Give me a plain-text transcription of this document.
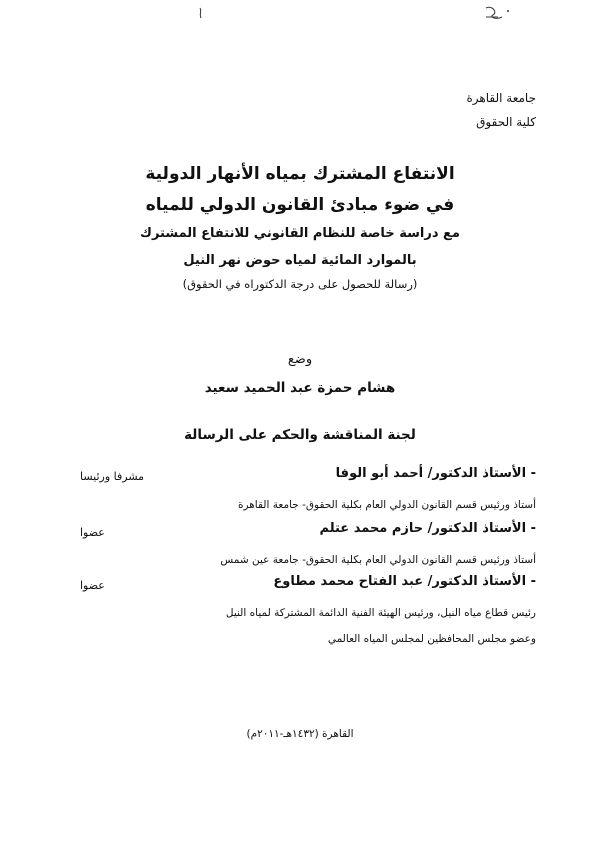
جامعة القاهرة
كلية الحقوق
الانتفاع المشترك بمياه الأنهار الدولية
في ضوء مبادئ القانون الدولي للمياه
مع دراسة خاصة للنظام القانوني للانتفاع المشترك
بالموارد المائية لمياه حوض نهر النيل
(رسالة للحصول على درجة الدكتوراه في الحقوق)
وضع
هشام حمزة عبد الحميد سعيد
لجنة المناقشة والحكم على الرسالة
- الأستاذ الدكتور/ أحمد أبو الوفا
مشرفا ورئيسا
أستاذ ورئيس قسم القانون الدولي العام بكلية الحقوق- جامعة القاهرة
- الأستاذ الدكتور/ حازم محمد عتلم
عضوا
أستاذ ورئيس قسم القانون الدولي العام بكلية الحقوق- جامعة عين شمس
- الأستاذ الدكتور/ عبد الفتاح محمد مطاوع
عضوا
رئيس قطاع مياه النيل، ورئيس الهيئة الفنية الدائمة المشتركة لمياه النيل
وعضو مجلس المحافظين لمجلس المياه العالمي
القاهرة (١٤٣٢هـ-٢٠١١م)
